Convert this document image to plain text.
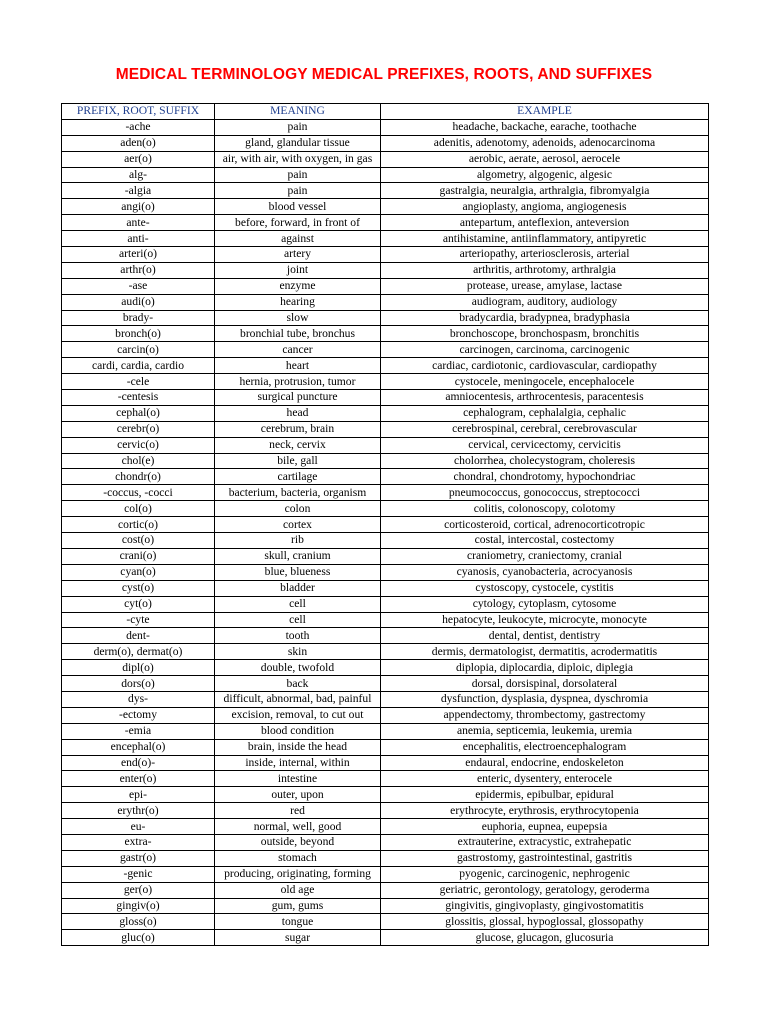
MEDICAL TERMINOLOGY MEDICAL PREFIXES, ROOTS, AND SUFFIXES
PREFIX, ROOT, SUFFIX	MEANING	EXAMPLE
-ache	pain	headache, backache, earache, toothache
aden(o)	gland, glandular tissue	adenitis, adenotomy, adenoids, adenocarcinoma
aer(o)	air, with air, with oxygen, in gas	aerobic, aerate, aerosol, aerocele
alg-	pain	algometry, algogenic, algesic
-algia	pain	gastralgia, neuralgia, arthralgia, fibromyalgia
angi(o)	blood vessel	angioplasty, angioma, angiogenesis
ante-	before, forward, in front of	antepartum, anteflexion, anteversion
anti-	against	antihistamine, antiinflammatory, antipyretic
arteri(o)	artery	arteriopathy, arteriosclerosis, arterial
arthr(o)	joint	arthritis, arthrotomy, arthralgia
-ase	enzyme	protease, urease, amylase, lactase
audi(o)	hearing	audiogram, auditory, audiology
brady-	slow	bradycardia, bradypnea, bradyphasia
bronch(o)	bronchial tube, bronchus	bronchoscope, bronchospasm, bronchitis
carcin(o)	cancer	carcinogen, carcinoma, carcinogenic
cardi, cardia, cardio	heart	cardiac, cardiotonic, cardiovascular, cardiopathy
-cele	hernia, protrusion, tumor	cystocele, meningocele, encephalocele
-centesis	surgical puncture	amniocentesis, arthrocentesis, paracentesis
cephal(o)	head	cephalogram, cephalalgia, cephalic
cerebr(o)	cerebrum, brain	cerebrospinal, cerebral, cerebrovascular
cervic(o)	neck, cervix	cervical, cervicectomy, cervicitis
chol(e)	bile, gall	cholorrhea, cholecystogram, choleresis
chondr(o)	cartilage	chondral, chondrotomy, hypochondriac
-coccus, -cocci	bacterium, bacteria, organism	pneumococcus, gonococcus, streptococci
col(o)	colon	colitis, colonoscopy, colotomy
cortic(o)	cortex	corticosteroid, cortical, adrenocorticotropic
cost(o)	rib	costal, intercostal, costectomy
crani(o)	skull, cranium	craniometry, craniectomy, cranial
cyan(o)	blue, blueness	cyanosis, cyanobacteria, acrocyanosis
cyst(o)	bladder	cystoscopy, cystocele, cystitis
cyt(o)	cell	cytology, cytoplasm, cytosome
-cyte	cell	hepatocyte, leukocyte, microcyte, monocyte
dent-	tooth	dental, dentist, dentistry
derm(o), dermat(o)	skin	dermis, dermatologist, dermatitis, acrodermatitis
dipl(o)	double, twofold	diplopia, diplocardia, diploic, diplegia
dors(o)	back	dorsal, dorsispinal, dorsolateral
dys-	difficult, abnormal, bad, painful	dysfunction, dysplasia, dyspnea, dyschromia
-ectomy	excision, removal, to cut out	appendectomy, thrombectomy, gastrectomy
-emia	blood condition	anemia, septicemia, leukemia, uremia
encephal(o)	brain, inside the head	encephalitis, electroencephalogram
end(o)-	inside, internal, within	endaural, endocrine, endoskeleton
enter(o)	intestine	enteric, dysentery, enterocele
epi-	outer, upon	epidermis, epibulbar, epidural
erythr(o)	red	erythrocyte, erythrosis, erythrocytopenia
eu-	normal, well, good	euphoria, eupnea, eupepsia
extra-	outside, beyond	extrauterine, extracystic, extrahepatic
gastr(o)	stomach	gastrostomy, gastrointestinal, gastritis
-genic	producing, originating, forming	pyogenic, carcinogenic, nephrogenic
ger(o)	old age	geriatric, gerontology, geratology, geroderma
gingiv(o)	gum, gums	gingivitis, gingivoplasty, gingivostomatitis
gloss(o)	tongue	glossitis, glossal, hypoglossal, glossopathy
gluc(o)	sugar	glucose, glucagon, glucosuria
